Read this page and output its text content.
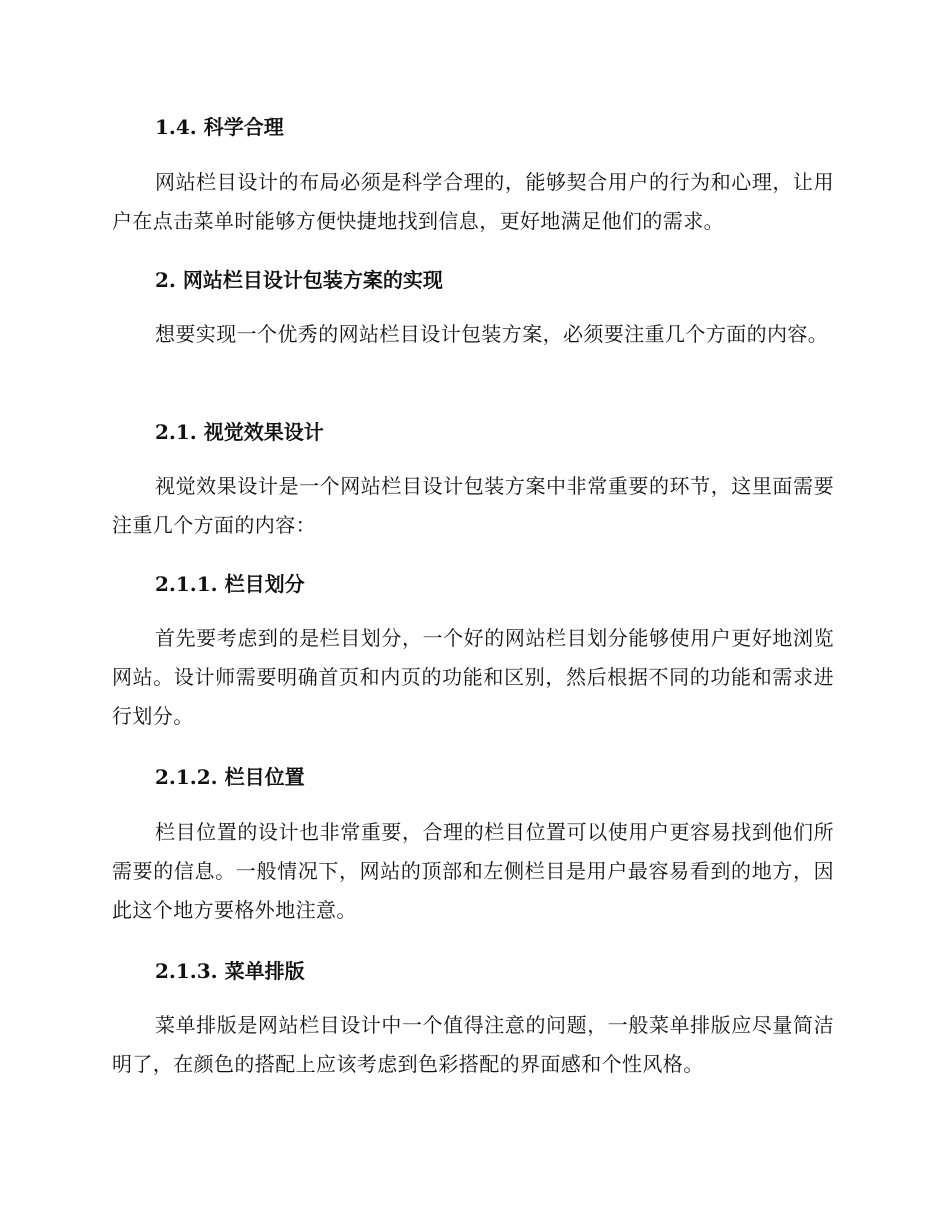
1.4. 科学合理

网站栏目设计的布局必须是科学合理的，能够契合用户的行为和心理，让用户在点击菜单时能够方便快捷地找到信息，更好地满足他们的需求。

2. 网站栏目设计包装方案的实现

想要实现一个优秀的网站栏目设计包装方案，必须要注重几个方面的内容。

2.1. 视觉效果设计

视觉效果设计是一个网站栏目设计包装方案中非常重要的环节，这里面需要注重几个方面的内容：

2.1.1. 栏目划分

首先要考虑到的是栏目划分，一个好的网站栏目划分能够使用户更好地浏览网站。设计师需要明确首页和内页的功能和区别，然后根据不同的功能和需求进行划分。

2.1.2. 栏目位置

栏目位置的设计也非常重要，合理的栏目位置可以使用户更容易找到他们所需要的信息。一般情况下，网站的顶部和左侧栏目是用户最容易看到的地方，因此这个地方要格外地注意。

2.1.3. 菜单排版

菜单排版是网站栏目设计中一个值得注意的问题，一般菜单排版应尽量简洁明了，在颜色的搭配上应该考虑到色彩搭配的界面感和个性风格。
